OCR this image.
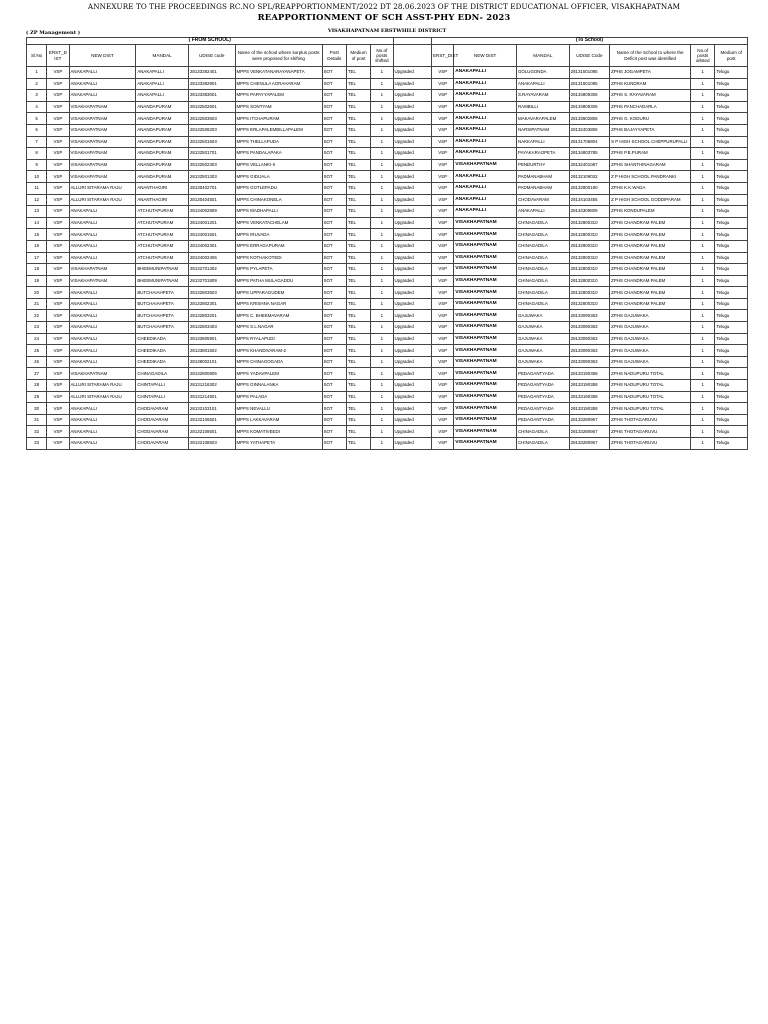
ANNEXURE TO THE PROCEEDINGS RC.NO SPL/REAPPORTIONMENT/2022 DT 28.06.2023 OF THE DISTRICT EDUCATIONAL OFFICER, VISAKHAPATNAM
REAPPORTIONMENT OF SCH ASST-PHY EDN- 2023
VISAKHAPATNAM ERSTWHILE DISTRICT
( ZP Management )
( FROM SCHOOL)										(To School)						
Sl.No	ERST_D IST	NEW DIST	MANDAL	UDISE code	Name of the school where surplus posts were proposed for shifting	Post Details	Medium of post	No.of posts shifted		ERST_DIST	NEW DIST	MANDAL	UDISE Code	Name of the School to where the Deficit post was identified	No.of posts alloted	Medium of post
1	VSP	ANAKAPALLI	ANAKAPALLI	28133382401	MPPS VENKATANARAYANAPETA	SOT	TEL	1	Upgraded	VSP	ANAKAPALLI	GOLUGONDA	28131501085	ZPHS JOGAMPETA	1	Telugu
2	VSP	ANAKAPALLI	ANAKAPALLI	28133382901	MPPS CHENULA AGRAHARAM	SOT	TEL	1	Upgraded	VSP	ANAKAPALLI	ANAKAPALLI	28131601085	ZPHS KUNDRAM	1	Telugu
3	VSP	ANAKAPALLI	ANAKAPALLI	28133383001	MPPS PAPAYYAPALEM	SOT	TEL	1	Upgraded	VSP	ANAKAPALLI	S.RAYAVARAM	28134809306	ZPHS S. RAYAVARAM	1	Telugu
4	VSP	VISAKHAPATNAM	ANANDAPURAM	28132502601	MPPS SONTYAM	SOT	TEL	1	Upgraded	VSP	ANAKAPALLI	RAMBILLI	28134809305	ZPHS PANCHADARLA	1	Telugu
5	VSP	VISAKHAPATNAM	ANANDAPURAM	28132503603	MPPS ITCHAPURAM	SOT	TEL	1	Upgraded	VSP	ANAKAPALLI	MAKAVARAPALEM	28133602806	ZPHS G. KODURU	1	Telugu
6	VSP	VISAKHAPATNAM	ANANDAPURAM	28132508203	MPPS ERLAPALEMBILLAPALEM	SOT	TEL	1	Upgraded	VSP	ANAKAPALLI	NARSIPATNAM	28132403806	ZPHS BAJAYYAPETA	1	Telugu
7	VSP	VISAKHAPATNAM	ANANDAPURAM	28132501603	MPPS THELLAPUDA	SOT	TEL	1	Upgraded	VSP	ANAKAPALLI	NAKKAPALLI	28131706804	S P HIGH SCHOOL CHEPPURUPALLI	1	Telugu
8	VSP	VISAKHAPATNAM	ANANDAPURAM	28132501701	MPPS PANDALAPAKA	SOT	TEL	1	Upgraded	VSP	ANAKAPALLI	PAYAKARAOPETA	28134803785	ZPHS P.B.PURAM	1	Telugu
9	VSP	VISAKHAPATNAM	ANANDAPURAM	28132502303	MPPS VELLANKI-II	SOT	TEL	1	Upgraded	VSP	VISAKHAPATNAM	PENDURTHY	28132401087	ZPHS SHANTHINAGARAM	1	Telugu
10	VSP	VISAKHAPATNAM	ANANDAPURAM	28132501303	MPPS GIDIJALA	SOT	TEL	1	Upgraded	VSP	ANAKAPALLI	PADMANABHAM	28132109032	Z P HIGH SCHOOL PANDRANKI	1	Telugu
11	VSP	ALLURI SITARAMA RAJU	ANANTHAGIRI	28130402701	MPPS GOTLEPADU	SOT	TEL	1	Upgraded	VSP	ANAKAPALLI	PADMANABHAM	28132800190	ZPHS K.K.WADA	1	Telugu
12	VSP	ALLURI SITARAMA RAJU	ANANTHAGIRI	28130404501	MPPS CHINAKONELA	SOT	TEL	1	Upgraded	VSP	ANAKAPALLI	CHODAVARAM	28134103455	Z P HIGH SCHOOL GODDIPARAM	1	Telugu
13	VSP	ANAKAPALLI	ATCHUTAPURAM	28134002809	MPPS MADHAPALLI	SOT	TEL	1	Upgraded	VSP	ANAKAPALLI	ANAKAPALLI	28134309805	ZPHS KONDUPALEM	1	Telugu
14	VSP	ANAKAPALLI	ATCHUTAPURAM	28134001201	MPPS VENKATACHELAM	SOT	TEL	1	Upgraded	VSP	VISAKHAPATNAM	CHINAGADILA	28132800310	ZPHS CHANDRAM PALEM	1	Telugu
15	VSP	ANAKAPALLI	ATCHUTAPURAM	28134001501	MPPS IRUVADA	SOT	TEL	1	Upgraded	VSP	VISAKHAPATNAM	CHINAGADILA	28132800310	ZPHS CHANDRAM PALEM	1	Telugu
16	VSP	ANAKAPALLI	ATCHUTAPURAM	28134002301	MPPS ERRAGAPURAM	SOT	TEL	1	Upgraded	VSP	VISAKHAPATNAM	CHINAGADILA	28132800310	ZPHS CHANDRAM PALEM	1	Telugu
17	VSP	ANAKAPALLI	ATCHUTAPURAM	28134002406	MPPS KOTHAKOTEDI	SOT	TEL	1	Upgraded	VSP	VISAKHAPATNAM	CHINAGADILA	28132800310	ZPHS CHANDRAM PALEM	1	Telugu
18	VSP	VISAKHAPATNAM	BHEEMUNIPATNAM	28132701302	MPPS PYLAPETA	SOT	TEL	1	Upgraded	VSP	VISAKHAPATNAM	CHINAGADILA	28132800310	ZPHS CHANDRAM PALEM	1	Telugu
19	VSP	VISAKHAPATNAM	BHEEMUNIPATNAM	28132701809	MPPS PATHA MULAGADDU	SOT	TEL	1	Upgraded	VSP	VISAKHAPATNAM	CHINAGADILA	28132800310	ZPHS CHANDRAM PALEM	1	Telugu
20	VSP	ANAKAPALLI	BUTCHAIAHPETA	28132803503	MPPS UPPARAGUDEM	SOT	TEL	1	Upgraded	VSP	VISAKHAPATNAM	CHINAGADILA	28132800310	ZPHS CHANDRAM PALEM	1	Telugu
21	VSP	ANAKAPALLI	BUTCHAIAHPETA	28132802301	MPPS KRISHNA NAGAR	SOT	TEL	1	Upgraded	VSP	VISAKHAPATNAM	CHINAGADILA	28132800310	ZPHS CHANDRAM PALEM	1	Telugu
22	VSP	ANAKAPALLI	BUTCHAIAHPETA	28132803201	MPPS C. BHEEMAVARAM	SOT	TEL	1	Upgraded	VSP	VISAKHAPATNAM	GAJUWAKA	28133090363	ZPHS GAJUWAKA	1	Telugu
23	VSP	ANAKAPALLI	BUTCHAIAHPETA	28132803403	MPPS S.L.NAGAR	SOT	TEL	1	Upgraded	VSP	VISAKHAPATNAM	GAJUWAKA	28133090363	ZPHS GAJUWAKA	1	Telugu
24	VSP	ANAKAPALLI	CHEEDIKADA	28133805901	MPPS RYALAPUDI	SOT	TEL	1	Upgraded	VSP	VISAKHAPATNAM	GAJUWAKA	28133090363	ZPHS GAJUWAKA	1	Telugu
25	VSP	ANAKAPALLI	CHEEDIKADA	28133801502	MPPS KHANDIVARAM-2	SOT	TEL	1	Upgraded	VSP	VISAKHAPATNAM	GAJUWAKA	28133090363	ZPHS GAJUWAKA	1	Telugu
26	VSP	ANAKAPALLI	CHEEDIKADA	28138002101	MPPS CHINAGOGADA	SOT	TEL	1	Upgraded	VSP	VISAKHAPATNAM	GAJUWAKA	28133090363	ZPHS GAJUWAKA	1	Telugu
27	VSP	VISAKHAPATNAM	CHINAGADILA	28132800805	MPPS YADAVPALEM	SOT	TEL	1	Upgraded	VSP	VISAKHAPATNAM	PEDAGANTYADA	28133190358	ZPHS NADUPURU TOTAL	1	Telugu
28	VSP	ALLURI SITARAMA RAJU	CHINTAPALLI	28131216302	MPPS GINNALANKA	SOT	TEL	1	Upgraded	VSP	VISAKHAPATNAM	PEDAGANTYADA	28133190358	ZPHS NADUPURU TOTAL	1	Telugu
29	VSP	ALLURI SITARAMA RAJU	CHINTAPALLI	28131214901	MPPS PALADA	SOT	TEL	1	Upgraded	VSP	VISAKHAPATNAM	PEDAGANTYADA	28133190358	ZPHS NADUPURU TOTAL	1	Telugu
30	VSP	ANAKAPALLI	CHODAVARAM	28132103101	MPPS NEVALLU	SOT	TEL	1	Upgraded	VSP	VISAKHAPATNAM	PEDAGANTYADA	28133190358	ZPHS NADUPURU TOTAL	1	Telugu
31	VSP	ANAKAPALLI	CHODAVARAM	28132106501	MPPS LAKKAVARAM	SOT	TEL	1	Upgraded	VSP	VISAKHAPATNAM	PEDAGANTYADA	28133280957	ZPHS THOTAGARUVU	1	Telugu
32	VSP	ANAKAPALLI	CHODAVARAM	28132108501	MPPS KOMATIVEEDI	SOT	TEL	1	Upgraded	VSP	VISAKHAPATNAM	CHINAGADILA	28133280957	ZPHS THOTAGARUVU	1	Telugu
33	VSP	ANAKAPALLI	CHODAVARAM	28132108503	MPPS YATHAPETA	SOT	TEL	1	Upgraded	VSP	VISAKHAPATNAM	CHINAGADILA	28133280957	ZPHS THOTAGARUVU	1	Telugu
